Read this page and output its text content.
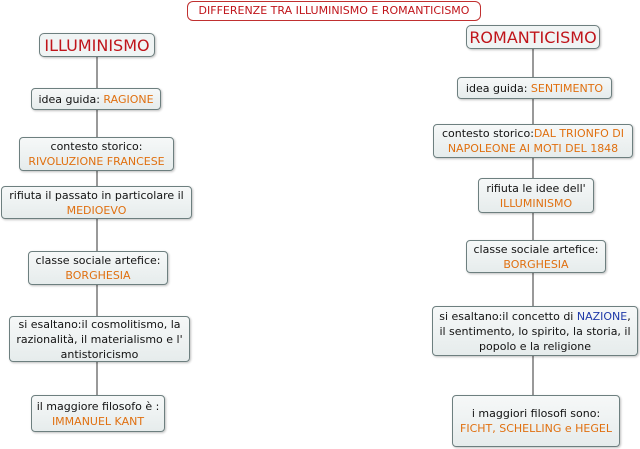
DIFFERENZE TRA ILLUMINISMO E ROMANTICISMO
ILLUMINISMO
idea guida: RAGIONE
contesto storico:
RIVOLUZIONE FRANCESE
rifiuta il passato in particolare il
MEDIOEVO
classe sociale artefice:
BORGHESIA
si esaltano:il cosmolitismo, la razionalità, il materialismo e l' antistoricismo
il maggiore filosofo è :
IMMANUEL KANT
ROMANTICISMO
idea guida: SENTIMENTO
contesto storico:DAL TRIONFO DI NAPOLEONE AI MOTI DEL 1848
rifiuta le idee dell'
ILLUMINISMO
classe sociale artefice:
BORGHESIA
si esaltano:il concetto di NAZIONE, il sentimento, lo spirito, la storia, il popolo e la religione
i maggiori filosofi sono:
FICHT, SCHELLING e HEGEL
